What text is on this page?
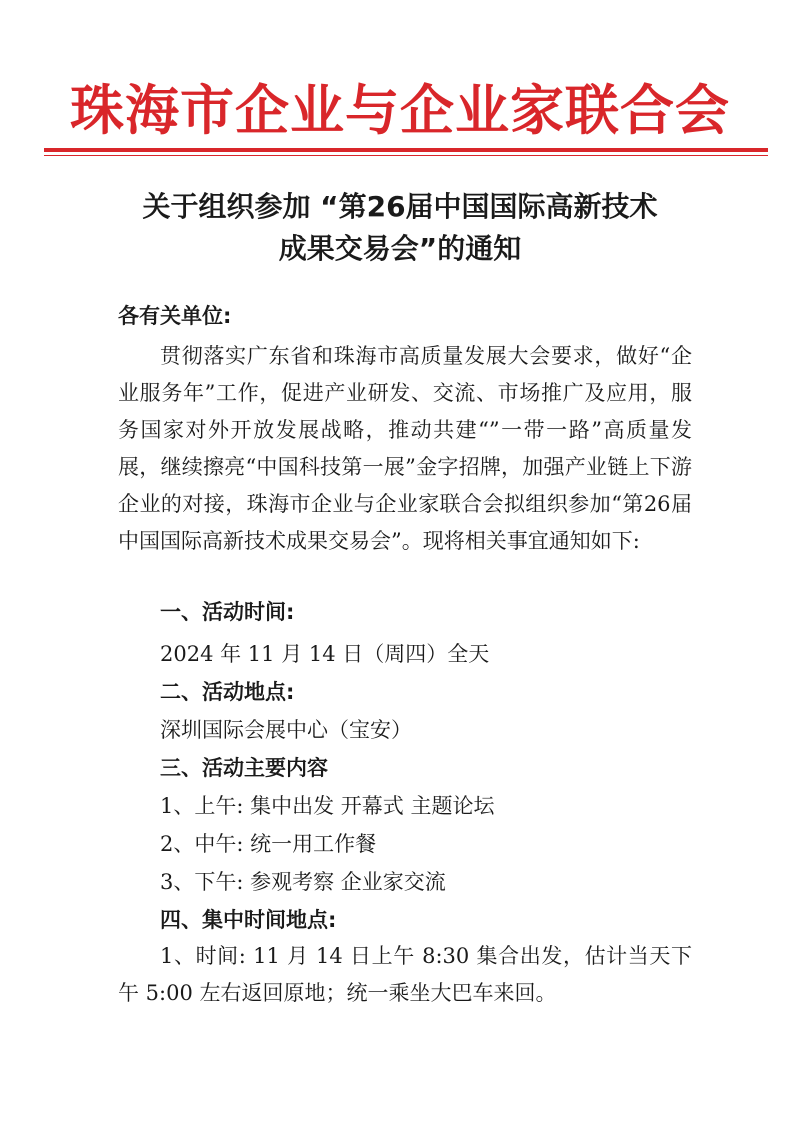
珠海市企业与企业家联合会
关于组织参加 “第26届中国国际高新技术
成果交易会”的通知
各有关单位:
贯彻落实广东省和珠海市高质量发展大会要求，做好“企业服务年”工作，促进产业研发、交流、市场推广及应用，服务国家对外开放发展战略，推动共建“”一带一路”高质量发展，继续擦亮“中国科技第一展”金字招牌，加强产业链上下游企业的对接，珠海市企业与企业家联合会拟组织参加“第26届中国国际高新技术成果交易会”。现将相关事宜通知如下:
一、活动时间:
2024 年 11 月 14 日（周四）全天
二、活动地点:
深圳国际会展中心（宝安）
三、活动主要内容
1、上午: 集中出发 开幕式 主题论坛
2、中午: 统一用工作餐
3、下午: 参观考察 企业家交流
四、集中时间地点:
1、时间: 11 月 14 日上午 8:30 集合出发，估计当天下午 5:00 左右返回原地；统一乘坐大巴车来回。
